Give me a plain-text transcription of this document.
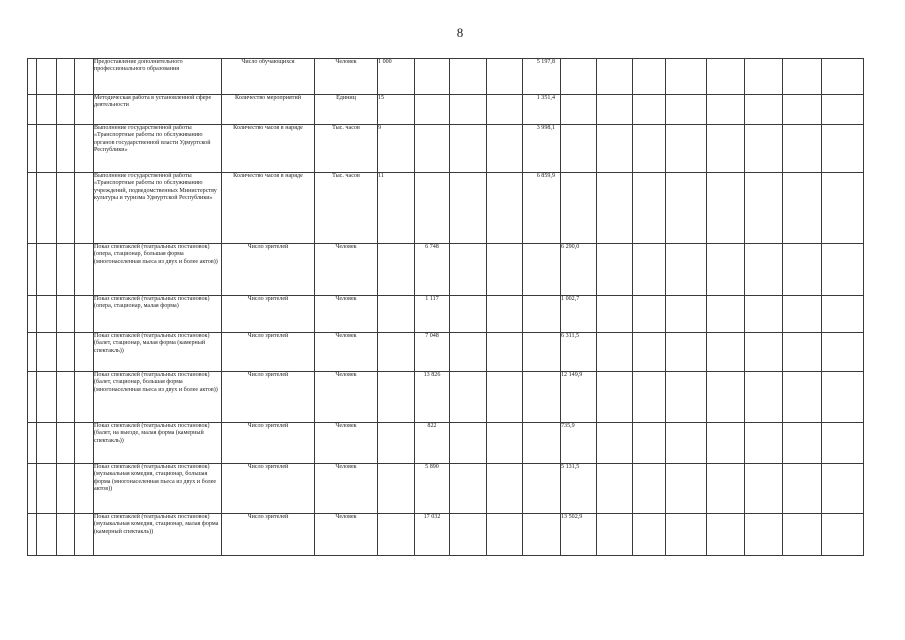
8
				Предоставление дополнительного профессионального образования	Число обучающихся	Человек	1 000				5 197,8								
				Методическая работа в установленной сфере деятельности	Количество мероприятий	Единиц	15				1 351,4								
				Выполнение государственной работы «Транспортные работы по обслуживанию органов государственной власти Удмуртской Республики»	Количество часов в наряде	Тыс. часов	9				3 998,1								
				Выполнение государственной работы «Транспортные работы по обслуживанию учреждений, подведомственных Министерству культуры и туризма Удмуртской Республики»	Количество часов в наряде	Тыс. часов	11				6 859,9								
				Показ спектаклей (театральных постановок) (опера, стационар, большая форма (многонаселенная пьеса из двух и более актов))	Число зрителей	Человек		6 748				6 290,0							
				Показ спектаклей (театральных постановок) (опера, стационар, малая форма)	Число зрителей	Человек		1 117				1 002,7							
				Показ спектаклей (театральных постановок) (балет, стационар, малая форма (камерный спектакль))	Число зрителей	Человек		7 048				6 311,5							
				Показ спектаклей (театральных постановок) (балет, стационар, большая форма (многонаселенная пьеса из двух и более актов))	Число зрителей	Человек		13 826				12 149,9							
				Показ спектаклей (театральных постановок) (балет, на выезде, малая форма (камерный спектакль))	Число зрителей	Человек		822				735,9							
				Показ спектаклей (театральных постановок) (музыкальная комедия, стационар, большая форма (многонаселенная пьеса из двух и более актов))	Число зрителей	Человек		5 890				5 131,5							
				Показ спектаклей (театральных постановок) (музыкальная комедия, стационар, малая форма (камерный спектакль))	Число зрителей	Человек		17 032				13 502,9							
